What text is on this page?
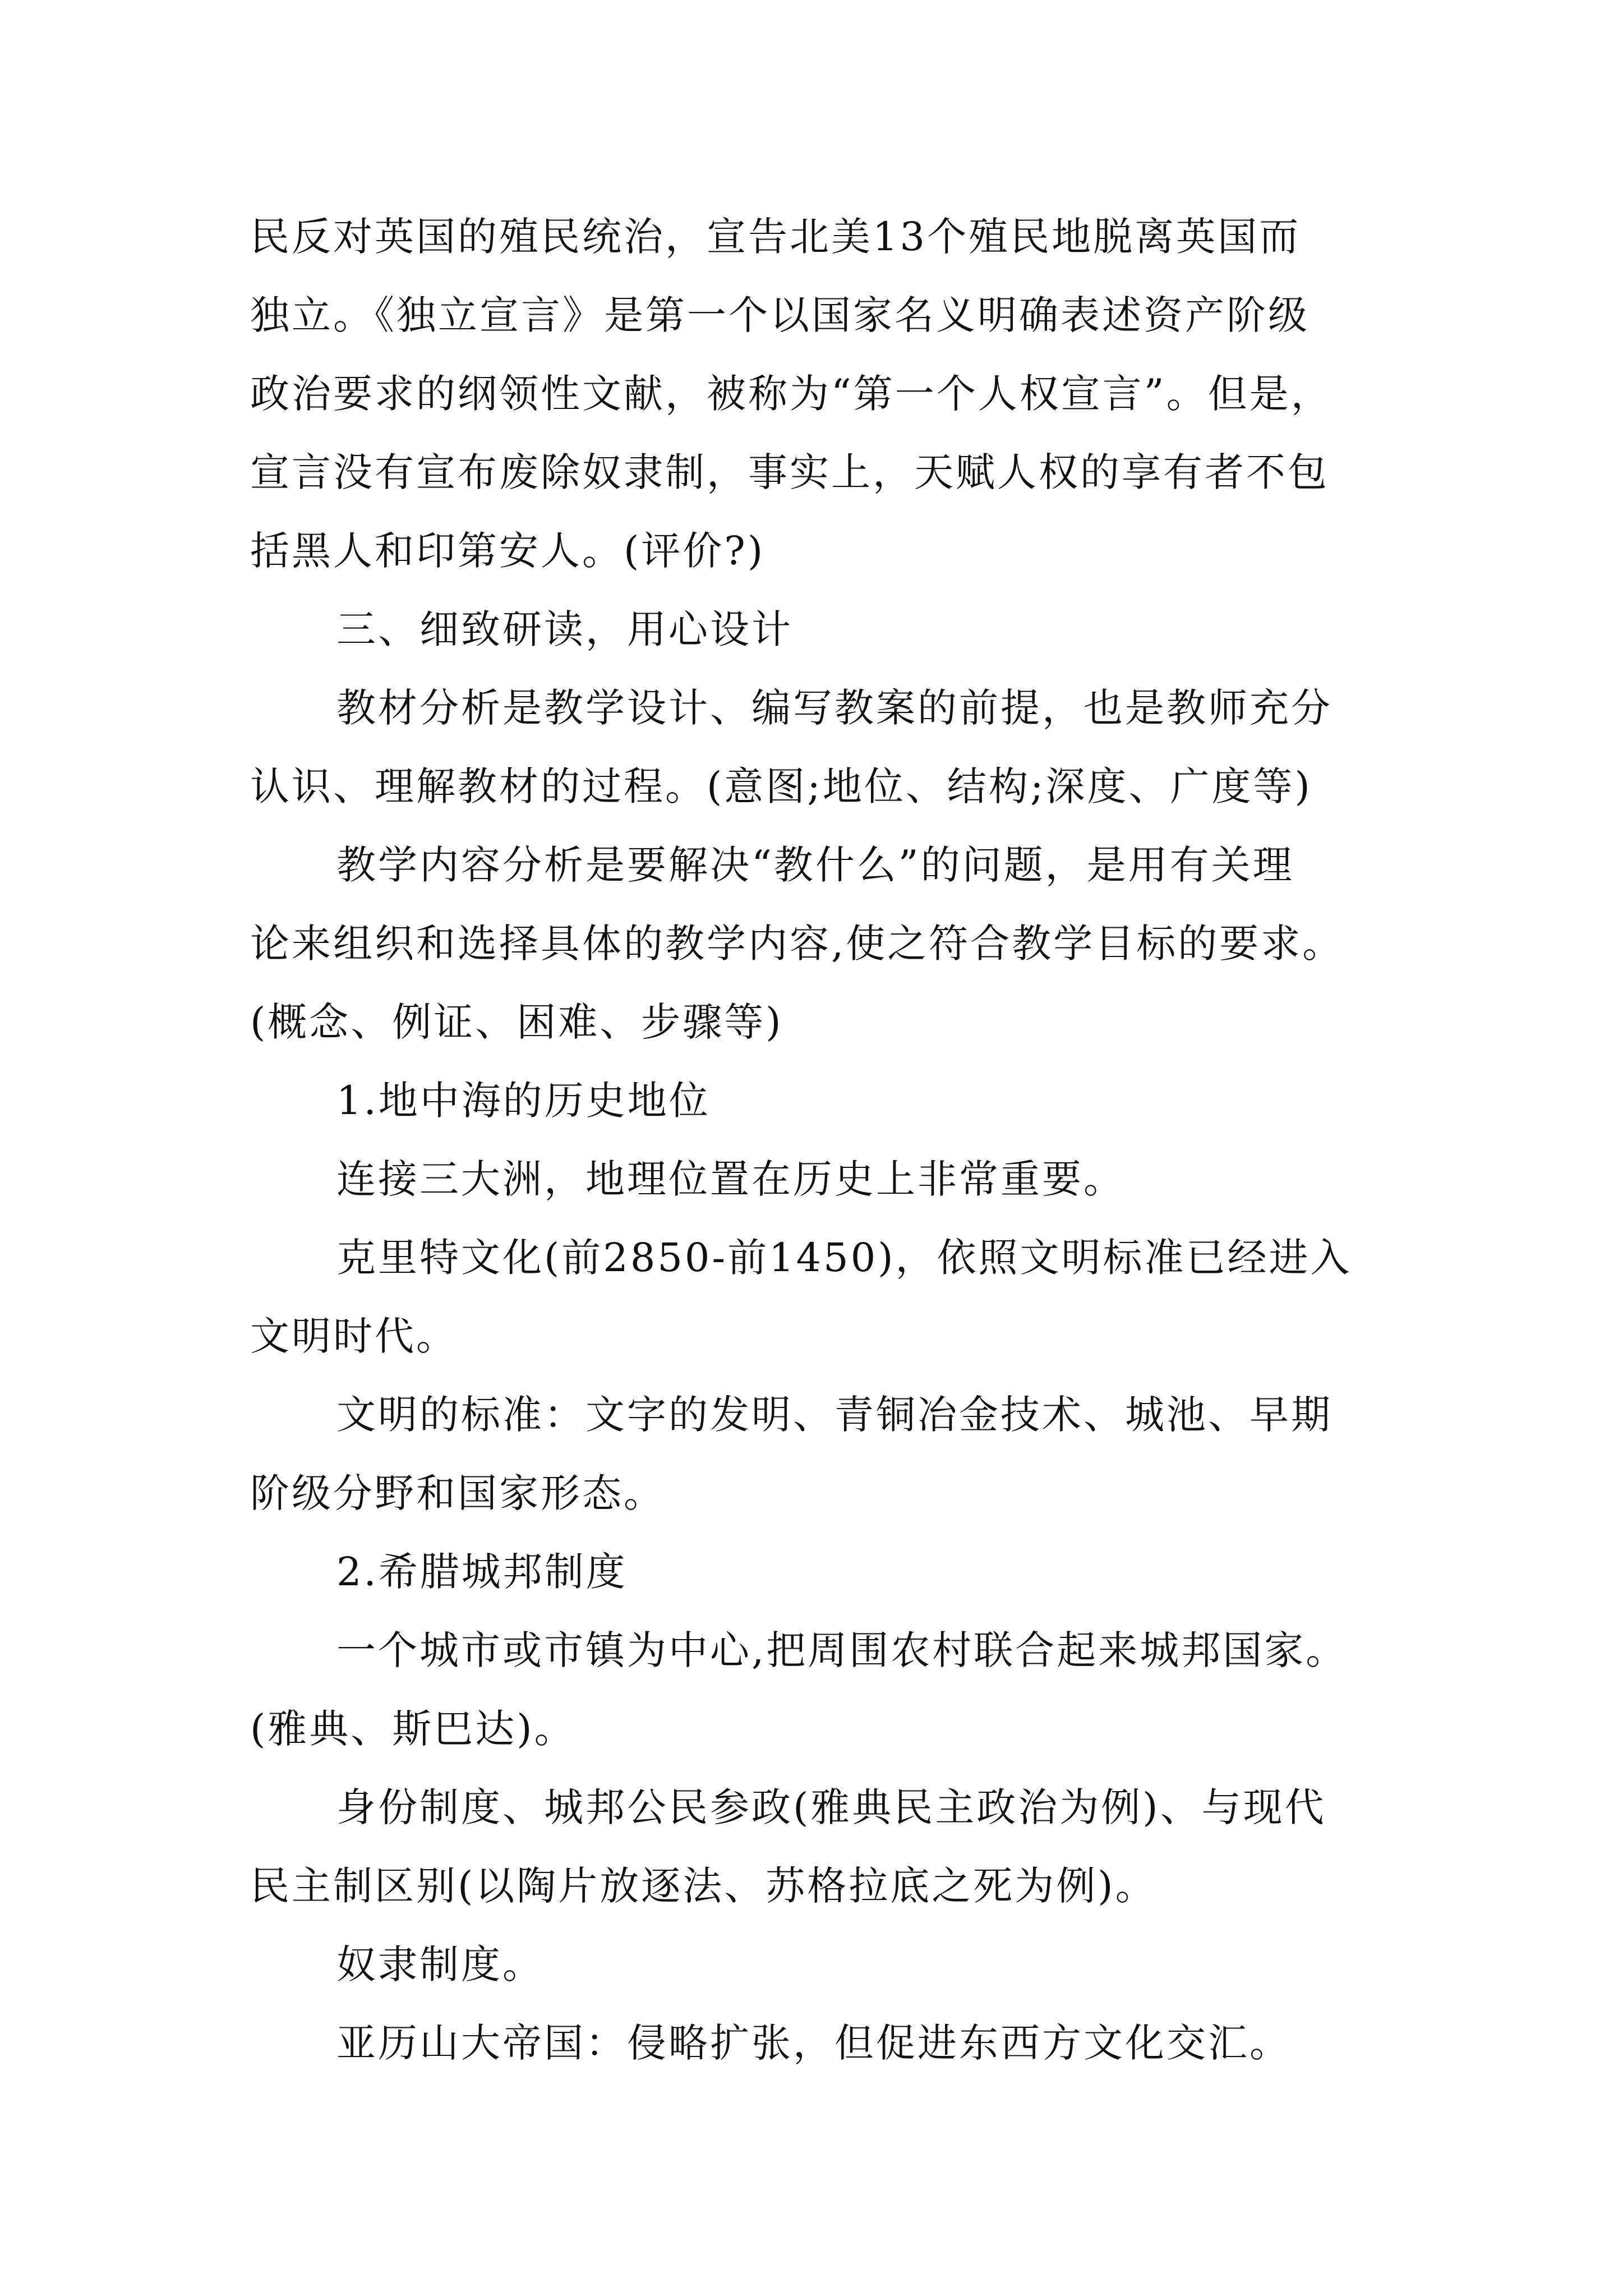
民反对英国的殖民统治，宣告北美13个殖民地脱离英国而
独立。《独立宣言》是第一个以国家名义明确表述资产阶级
政治要求的纲领性文献，被称为“第一个人权宣言”。但是，
宣言没有宣布废除奴隶制，事实上，天赋人权的享有者不包
括黑人和印第安人。(评价?)
三、细致研读，用心设计
教材分析是教学设计、编写教案的前提，也是教师充分
认识、理解教材的过程。(意图;地位、结构;深度、广度等)
教学内容分析是要解决“教什么”的问题，是用有关理
论来组织和选择具体的教学内容,使之符合教学目标的要求。
(概念、例证、困难、步骤等)
1.地中海的历史地位
连接三大洲，地理位置在历史上非常重要。
克里特文化(前2850-前1450)，依照文明标准已经进入
文明时代。
文明的标准：文字的发明、青铜冶金技术、城池、早期
阶级分野和国家形态。
2.希腊城邦制度
一个城市或市镇为中心,把周围农村联合起来城邦国家。
(雅典、斯巴达)。
身份制度、城邦公民参政(雅典民主政治为例)、与现代
民主制区别(以陶片放逐法、苏格拉底之死为例)。
奴隶制度。
亚历山大帝国：侵略扩张，但促进东西方文化交汇。
